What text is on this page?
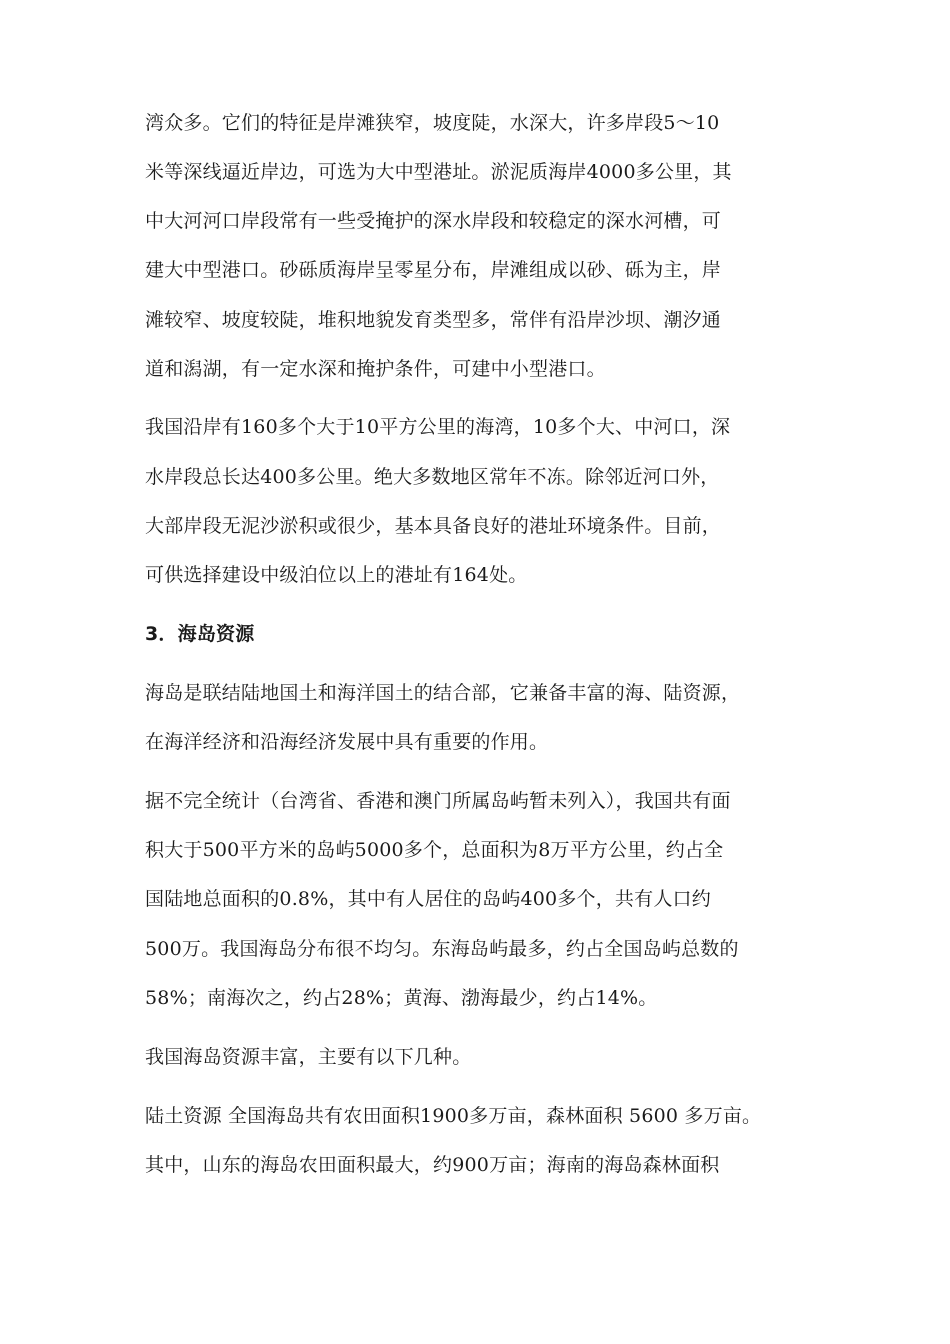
湾众多。它们的特征是岸滩狭窄，坡度陡，水深大，许多岸段5～10
米等深线逼近岸边，可选为大中型港址。淤泥质海岸4000多公里，其
中大河河口岸段常有一些受掩护的深水岸段和较稳定的深水河槽，可
建大中型港口。砂砾质海岸呈零星分布，岸滩组成以砂、砾为主，岸
滩较窄、坡度较陡，堆积地貌发育类型多，常伴有沿岸沙坝、潮汐通
道和潟湖，有一定水深和掩护条件，可建中小型港口。
我国沿岸有160多个大于10平方公里的海湾，10多个大、中河口，深
水岸段总长达400多公里。绝大多数地区常年不冻。除邻近河口外，
大部岸段无泥沙淤积或很少，基本具备良好的港址环境条件。目前，
可供选择建设中级泊位以上的港址有164处。
3．海岛资源
海岛是联结陆地国土和海洋国土的结合部，它兼备丰富的海、陆资源，
在海洋经济和沿海经济发展中具有重要的作用。
据不完全统计（台湾省、香港和澳门所属岛屿暂未列入），我国共有面
积大于500平方米的岛屿5000多个，总面积为8万平方公里，约占全
国陆地总面积的0.8%，其中有人居住的岛屿400多个，共有人口约
500万。我国海岛分布很不均匀。东海岛屿最多，约占全国岛屿总数的
58%；南海次之，约占28%；黄海、渤海最少，约占14%。
我国海岛资源丰富，主要有以下几种。
陆土资源 全国海岛共有农田面积1900多万亩，森林面积 5600 多万亩。
其中，山东的海岛农田面积最大，约900万亩；海南的海岛森林面积
